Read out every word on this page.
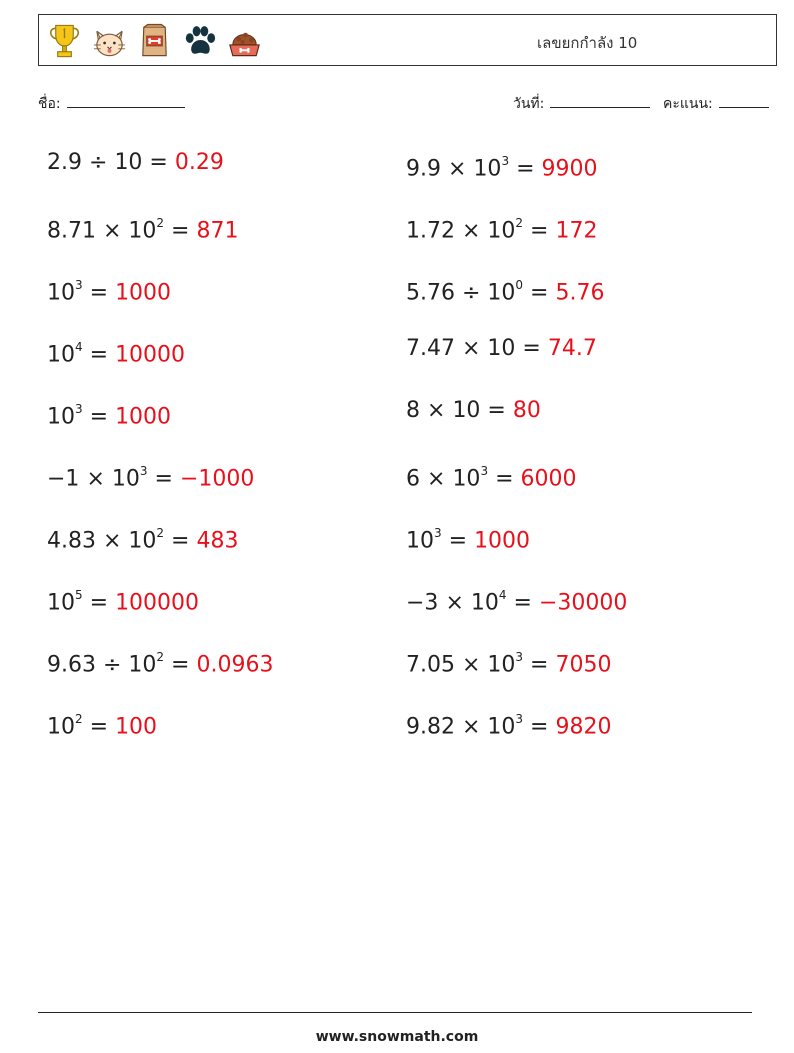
เลขยกกำลัง 10
ชื่อ:	วันที่:	คะแนน:
2.9 ÷ 10 = 0.29
$8.71 \times 10^2 = 871$
$10^3 = 1000$
$10^4 = 10000$
$10^3 = 1000$
$-1 \times 10^3 = -1000$
$4.83 \times 10^2 = 483$
$10^5 = 100000$
$9.63 \div 10^2 = 0.0963$
$10^2 = 100$
$9.9 \times 10^3 = 9900$
$1.72 \times 10^2 = 172$
$5.76 \div 10^0 = 5.76$
7.47 × 10 = 74.7
8 × 10 = 80
$6 \times 10^3 = 6000$
$10^3 = 1000$
$-3 \times 10^4 = -30000$
$7.05 \times 10^3 = 7050$
$9.82 \times 10^3 = 9820$
www.snowmath.com
